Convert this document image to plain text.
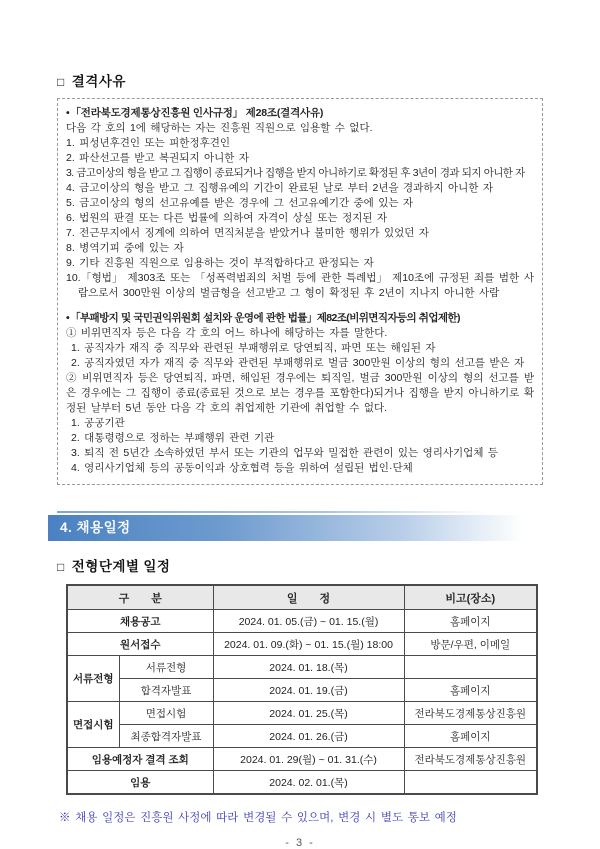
□ 결격사유
•「전라북도경제통상진흥원 인사규정」 제28조(결격사유)
다음 각 호의 1에 해당하는 자는 진흥원 직원으로 임용할 수 없다.
1. 피성년후견인 또는 피한정후견인
2. 파산선고를 받고 복권되지 아니한 자
3. 금고이상의 형을 받고 그 집행이 종료되거나 집행을 받지 아니하기로 확정된 후 3년이 경과 되지 아니한 자
4. 금고이상의 형을 받고 그 집행유예의 기간이 완료된 날로 부터 2년을 경과하지 아니한 자
5. 금고이상의 형의 선고유예를 받은 경우에 그 선고유예기간 중에 있는 자
6. 법원의 판결 또는 다른 법률에 의하여 자격이 상실 또는 정지된 자
7. 전근무지에서 징계에 의하여 면직처분을 받았거나 불미한 행위가 있었던 자
8. 병역기피 중에 있는 자
9. 기타 진흥원 직원으로 임용하는 것이 부적합하다고 판정되는 자
10.「형법」 제303조 또는 「성폭력범죄의 처벌 등에 관한 특례법」 제10조에 규정된 죄를 범한 사람으로서 300만원 이상의 벌금형을 선고받고 그 형이 확정된 후 2년이 지나지 아니한 사람
•「부패방지 및 국민권익위원회 설치와 운영에 관한 법률」제82조(비위면직자등의 취업제한)
① 비위면직자 등은 다음 각 호의 어느 하나에 해당하는 자를 말한다.
1. 공직자가 재직 중 직무와 관련된 부패행위로 당연퇴직, 파면 또는 해임된 자
2. 공직자였던 자가 재직 중 직무와 관련된 부패행위로 벌금 300만원 이상의 형의 선고를 받은 자
② 비위면직자 등은 당연퇴직, 파면, 해임된 경우에는 퇴직일, 벌금 300만원 이상의 형의 선고를 받은 경우에는 그 집행이 종료(종료된 것으로 보는 경우를 포함한다)되거나 집행을 받지 아니하기로 확정된 날부터 5년 동안 다음 각 호의 취업제한 기관에 취업할 수 없다.
1. 공공기관
2. 대통령령으로 정하는 부패행위 관련 기관
3. 퇴직 전 5년간 소속하였던 부서 또는 기관의 업무와 밀접한 관련이 있는 영리사기업체 등
4. 영리사기업체 등의 공동이익과 상호협력 등을 위하여 설립된 법인·단체
4. 채용일정
□ 전형단계별 일정
구　　분		일　　정	비고(장소)
채용공고		2024. 01. 05.(금) ~ 01. 15.(월)	홈페이지
원서접수		2024. 01. 09.(화) ~ 01. 15.(월) 18:00	방문/우편, 이메일
서류전형	서류전형	2024. 01. 18.(목)	
	합격자발표	2024. 01. 19.(금)	홈페이지
면접시험	면접시험	2024. 01. 25.(목)	전라북도경제통상진흥원
	최종합격자발표	2024. 01. 26.(금)	홈페이지
임용예정자 결격 조회		2024. 01. 29(월) ~ 01. 31.(수)	전라북도경제통상진흥원
임용		2024. 02. 01.(목)	
※ 채용 일정은 진흥원 사정에 따라 변경될 수 있으며, 변경 시 별도 통보 예정
- 3 -
